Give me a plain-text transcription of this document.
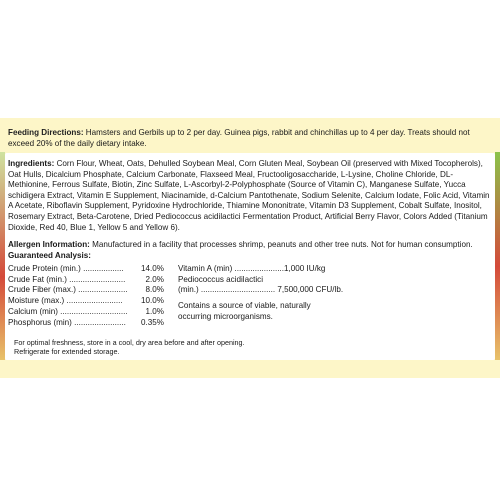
Feeding Directions: Hamsters and Gerbils up to 2 per day. Guinea pigs, rabbit and chinchillas up to 4 per day. Treats should not exceed 20% of the daily dietary intake.
Ingredients: Corn Flour, Wheat, Oats, Dehulled Soybean Meal, Corn Gluten Meal, Soybean Oil (preserved with Mixed Tocopherols), Oat Hulls, Dicalcium Phosphate, Calcium Carbonate, Flaxseed Meal, Fructooligosaccharide, L-Lysine, Choline Chloride, DL-Methionine, Ferrous Sulfate, Biotin, Zinc Sulfate, L-Ascorbyl-2-Polyphosphate (Source of Vitamin C), Manganese Sulfate, Yucca schidigera Extract, Vitamin E Supplement, Niacinamide, d-Calcium Pantothenate, Sodium Selenite, Calcium Iodate, Folic Acid, Vitamin A Acetate, Riboflavin Supplement, Pyridoxine Hydrochloride, Thiamine Mononitrate, Vitamin D3 Supplement, Cobalt Sulfate, Inositol, Rosemary Extract, Beta-Carotene, Dried Pediococcus acidilactici Fermentation Product, Artificial Berry Flavor, Colors Added (Titanium Dioxide, Red 40, Blue 1, Yellow 5 and Yellow 6).
Allergen Information: Manufactured in a facility that processes shrimp, peanuts and other tree nuts. Not for human consumption.
Guaranteed Analysis:
Crude Protein (min.) .................. 14.0%
Crude Fat (min.) ......................... 2.0%
Crude Fiber (max.) ...................... 8.0%
Moisture (max.) ......................... 10.0%
Calcium (min) .............................. 1.0%
Phosphorus (min) ....................... 0.35%
Vitamin A (min) ......................1,000 IU/kg
Pediococcus acidilactici
(min.) ................................. 7,500,000 CFU/lb.
Contains a source of viable, naturally occurring microorganisms.
For optimal freshness, store in a cool, dry area before and after opening.
Refrigerate for extended storage.
